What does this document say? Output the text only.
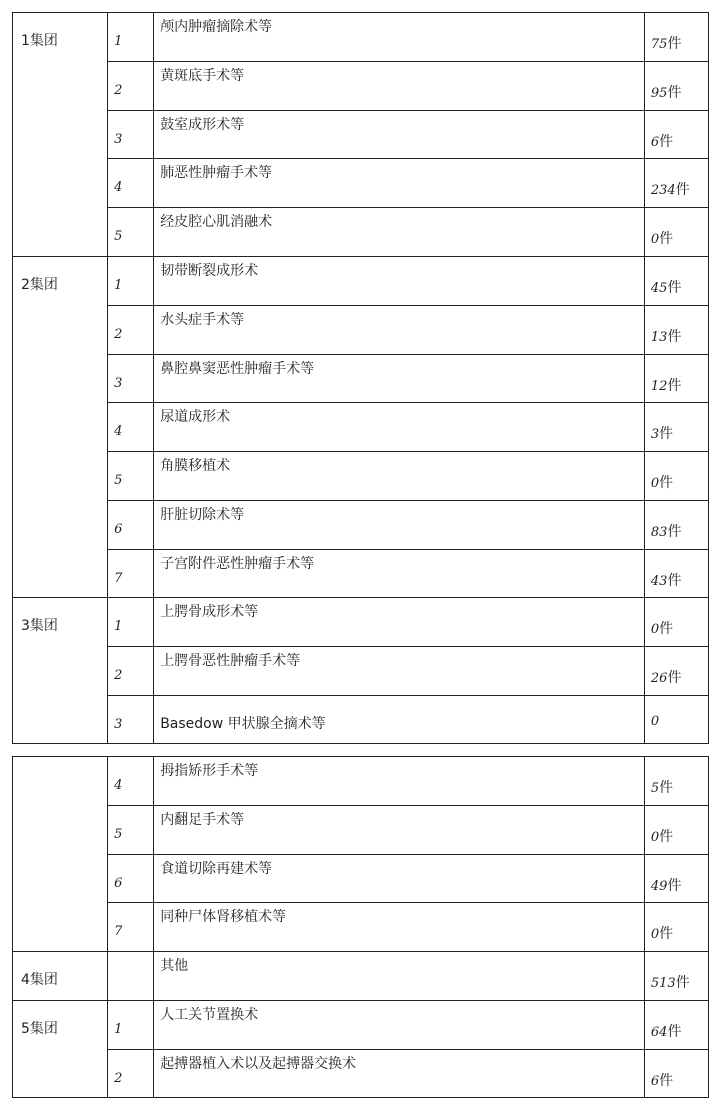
1集团	1	颅内肿瘤摘除术等	75件

	2	黄斑底手术等	95件

	3	鼓室成形术等	6件

	4	肺恶性肿瘤手术等	234件

	5	经皮腔心肌消融术	0件

2集团	1	韧带断裂成形术	45件

	2	水头症手术等	13件

	3	鼻腔鼻窦恶性肿瘤手术等	12件

	4	尿道成形术	3件

	5	角膜移植术	0件

	6	肝脏切除术等	83件

	7	子宫附件恶性肿瘤手术等	43件

3集团	1	上腭骨成形术等	0件

	2	上腭骨恶性肿瘤手术等	26件

	3	Basedow 甲状腺全摘术等	0

	4	拇指矫形手术等	5件

	5	内翻足手术等	0件

	6	食道切除再建术等	49件

	7	同种尸体肾移植术等	0件

4集团		其他	513件

5集团	1	人工关节置换术	64件

	2	起搏器植入术以及起搏器交换术	6件
